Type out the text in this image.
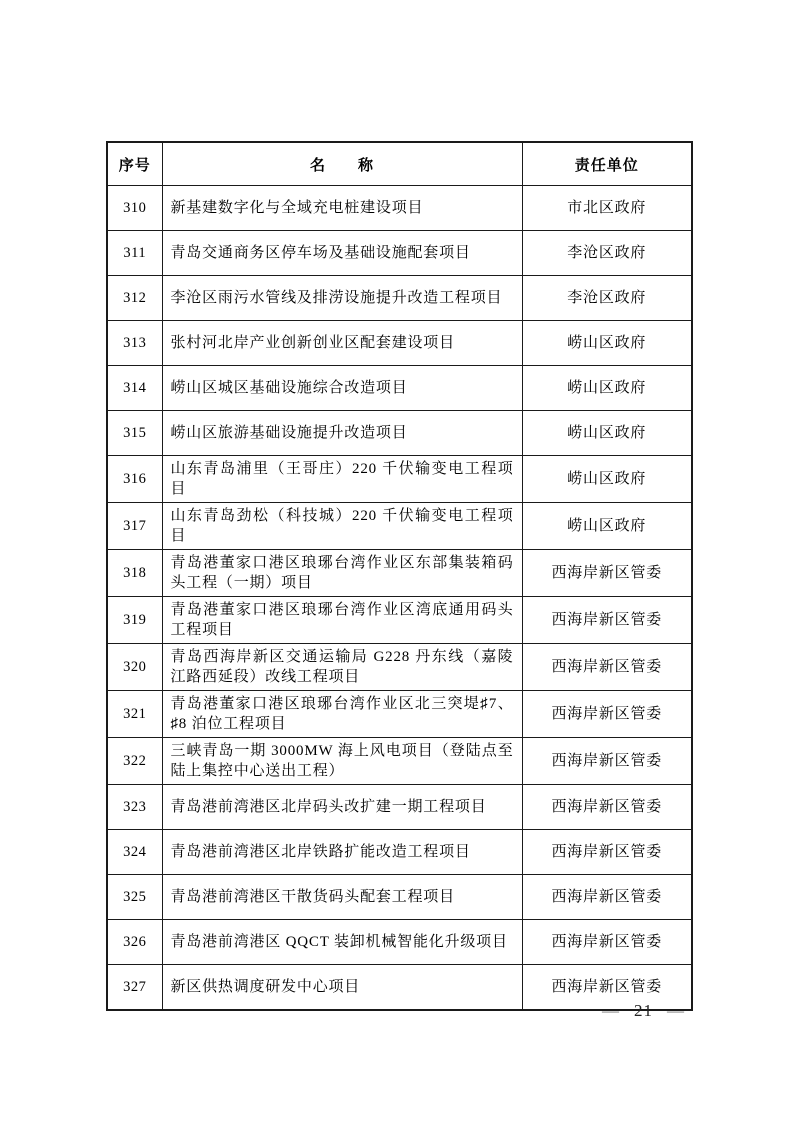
序号	名　　称	责任单位
310	新基建数字化与全域充电桩建设项目	市北区政府
311	青岛交通商务区停车场及基础设施配套项目	李沧区政府
312	李沧区雨污水管线及排涝设施提升改造工程项目	李沧区政府
313	张村河北岸产业创新创业区配套建设项目	崂山区政府
314	崂山区城区基础设施综合改造项目	崂山区政府
315	崂山区旅游基础设施提升改造项目	崂山区政府
316	山东青岛浦里（王哥庄）220 千伏输变电工程项目	崂山区政府
317	山东青岛劲松（科技城）220 千伏输变电工程项目	崂山区政府
318	青岛港董家口港区琅琊台湾作业区东部集装箱码头工程（一期）项目	西海岸新区管委
319	青岛港董家口港区琅琊台湾作业区湾底通用码头工程项目	西海岸新区管委
320	青岛西海岸新区交通运输局 G228 丹东线（嘉陵江路西延段）改线工程项目	西海岸新区管委
321	青岛港董家口港区琅琊台湾作业区北三突堤♯7、♯8 泊位工程项目	西海岸新区管委
322	三峡青岛一期 3000MW 海上风电项目（登陆点至陆上集控中心送出工程）	西海岸新区管委
323	青岛港前湾港区北岸码头改扩建一期工程项目	西海岸新区管委
324	青岛港前湾港区北岸铁路扩能改造工程项目	西海岸新区管委
325	青岛港前湾港区干散货码头配套工程项目	西海岸新区管委
326	青岛港前湾港区 QQCT 装卸机械智能化升级项目	西海岸新区管委
327	新区供热调度研发中心项目	西海岸新区管委
— 21 —
